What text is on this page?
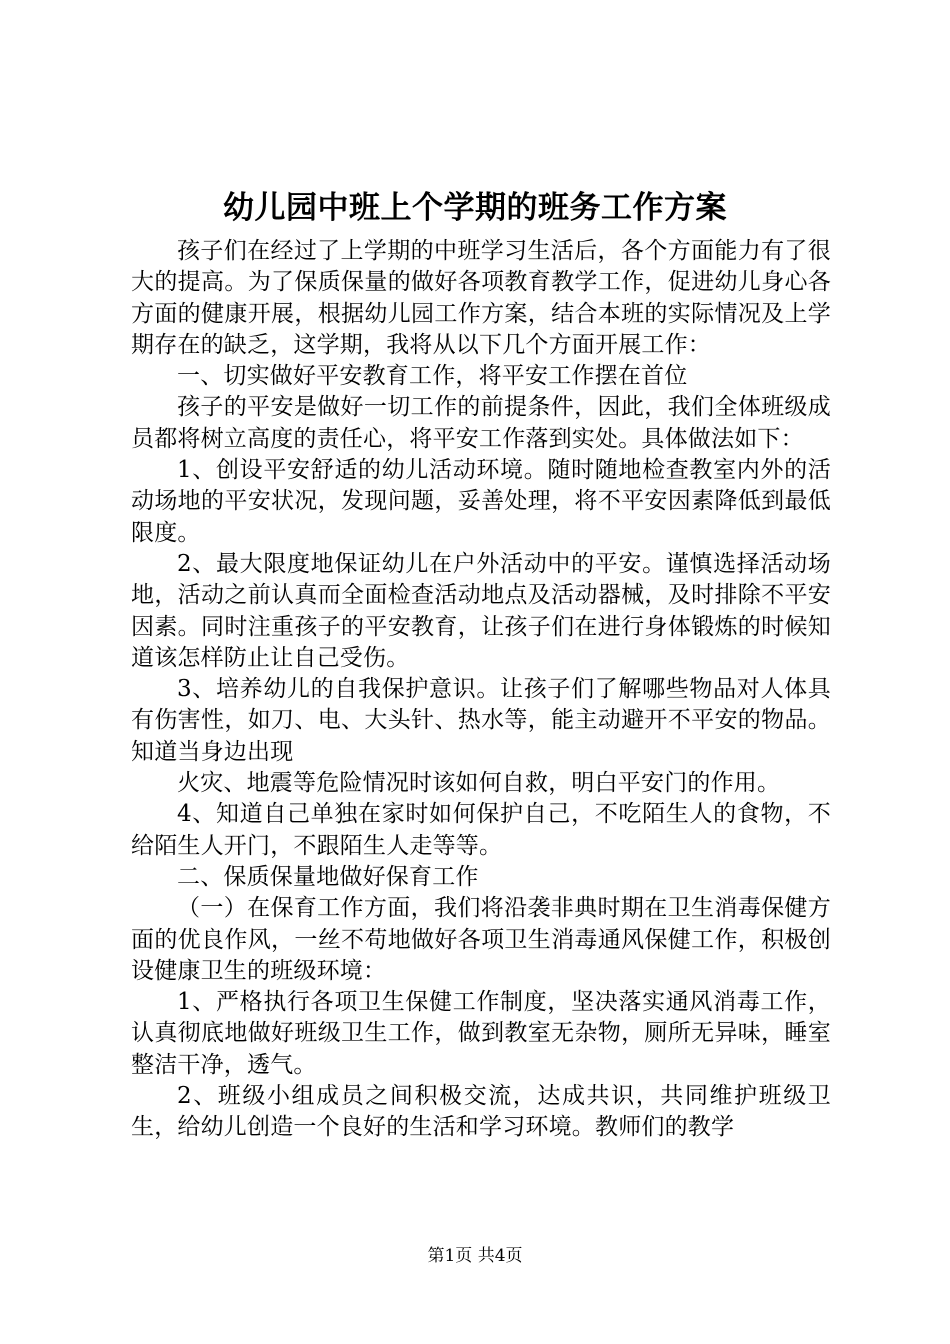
幼儿园中班上个学期的班务工作方案

孩子们在经过了上学期的中班学习生活后，各个方面能力有了很大的提高。为了保质保量的做好各项教育教学工作，促进幼儿身心各方面的健康开展，根据幼儿园工作方案，结合本班的实际情况及上学期存在的缺乏，这学期，我将从以下几个方面开展工作：

一、切实做好平安教育工作，将平安工作摆在首位

孩子的平安是做好一切工作的前提条件，因此，我们全体班级成员都将树立高度的责任心，将平安工作落到实处。具体做法如下：

1、创设平安舒适的幼儿活动环境。随时随地检查教室内外的活动场地的平安状况，发现问题，妥善处理，将不平安因素降低到最低限度。

2、最大限度地保证幼儿在户外活动中的平安。谨慎选择活动场地，活动之前认真而全面检查活动地点及活动器械，及时排除不平安因素。同时注重孩子的平安教育，让孩子们在进行身体锻炼的时候知道该怎样防止让自己受伤。

3、培养幼儿的自我保护意识。让孩子们了解哪些物品对人体具有伤害性，如刀、电、大头针、热水等，能主动避开不平安的物品。知道当身边出现

火灾、地震等危险情况时该如何自救，明白平安门的作用。

4、知道自己单独在家时如何保护自己，不吃陌生人的食物，不给陌生人开门，不跟陌生人走等等。

二、保质保量地做好保育工作

（一）在保育工作方面，我们将沿袭非典时期在卫生消毒保健方面的优良作风，一丝不苟地做好各项卫生消毒通风保健工作，积极创设健康卫生的班级环境：

1、严格执行各项卫生保健工作制度，坚决落实通风消毒工作，认真彻底地做好班级卫生工作，做到教室无杂物，厕所无异味，睡室整洁干净，透气。

2、班级小组成员之间积极交流，达成共识，共同维护班级卫生，给幼儿创造一个良好的生活和学习环境。教师们的教学

第1页 共4页
